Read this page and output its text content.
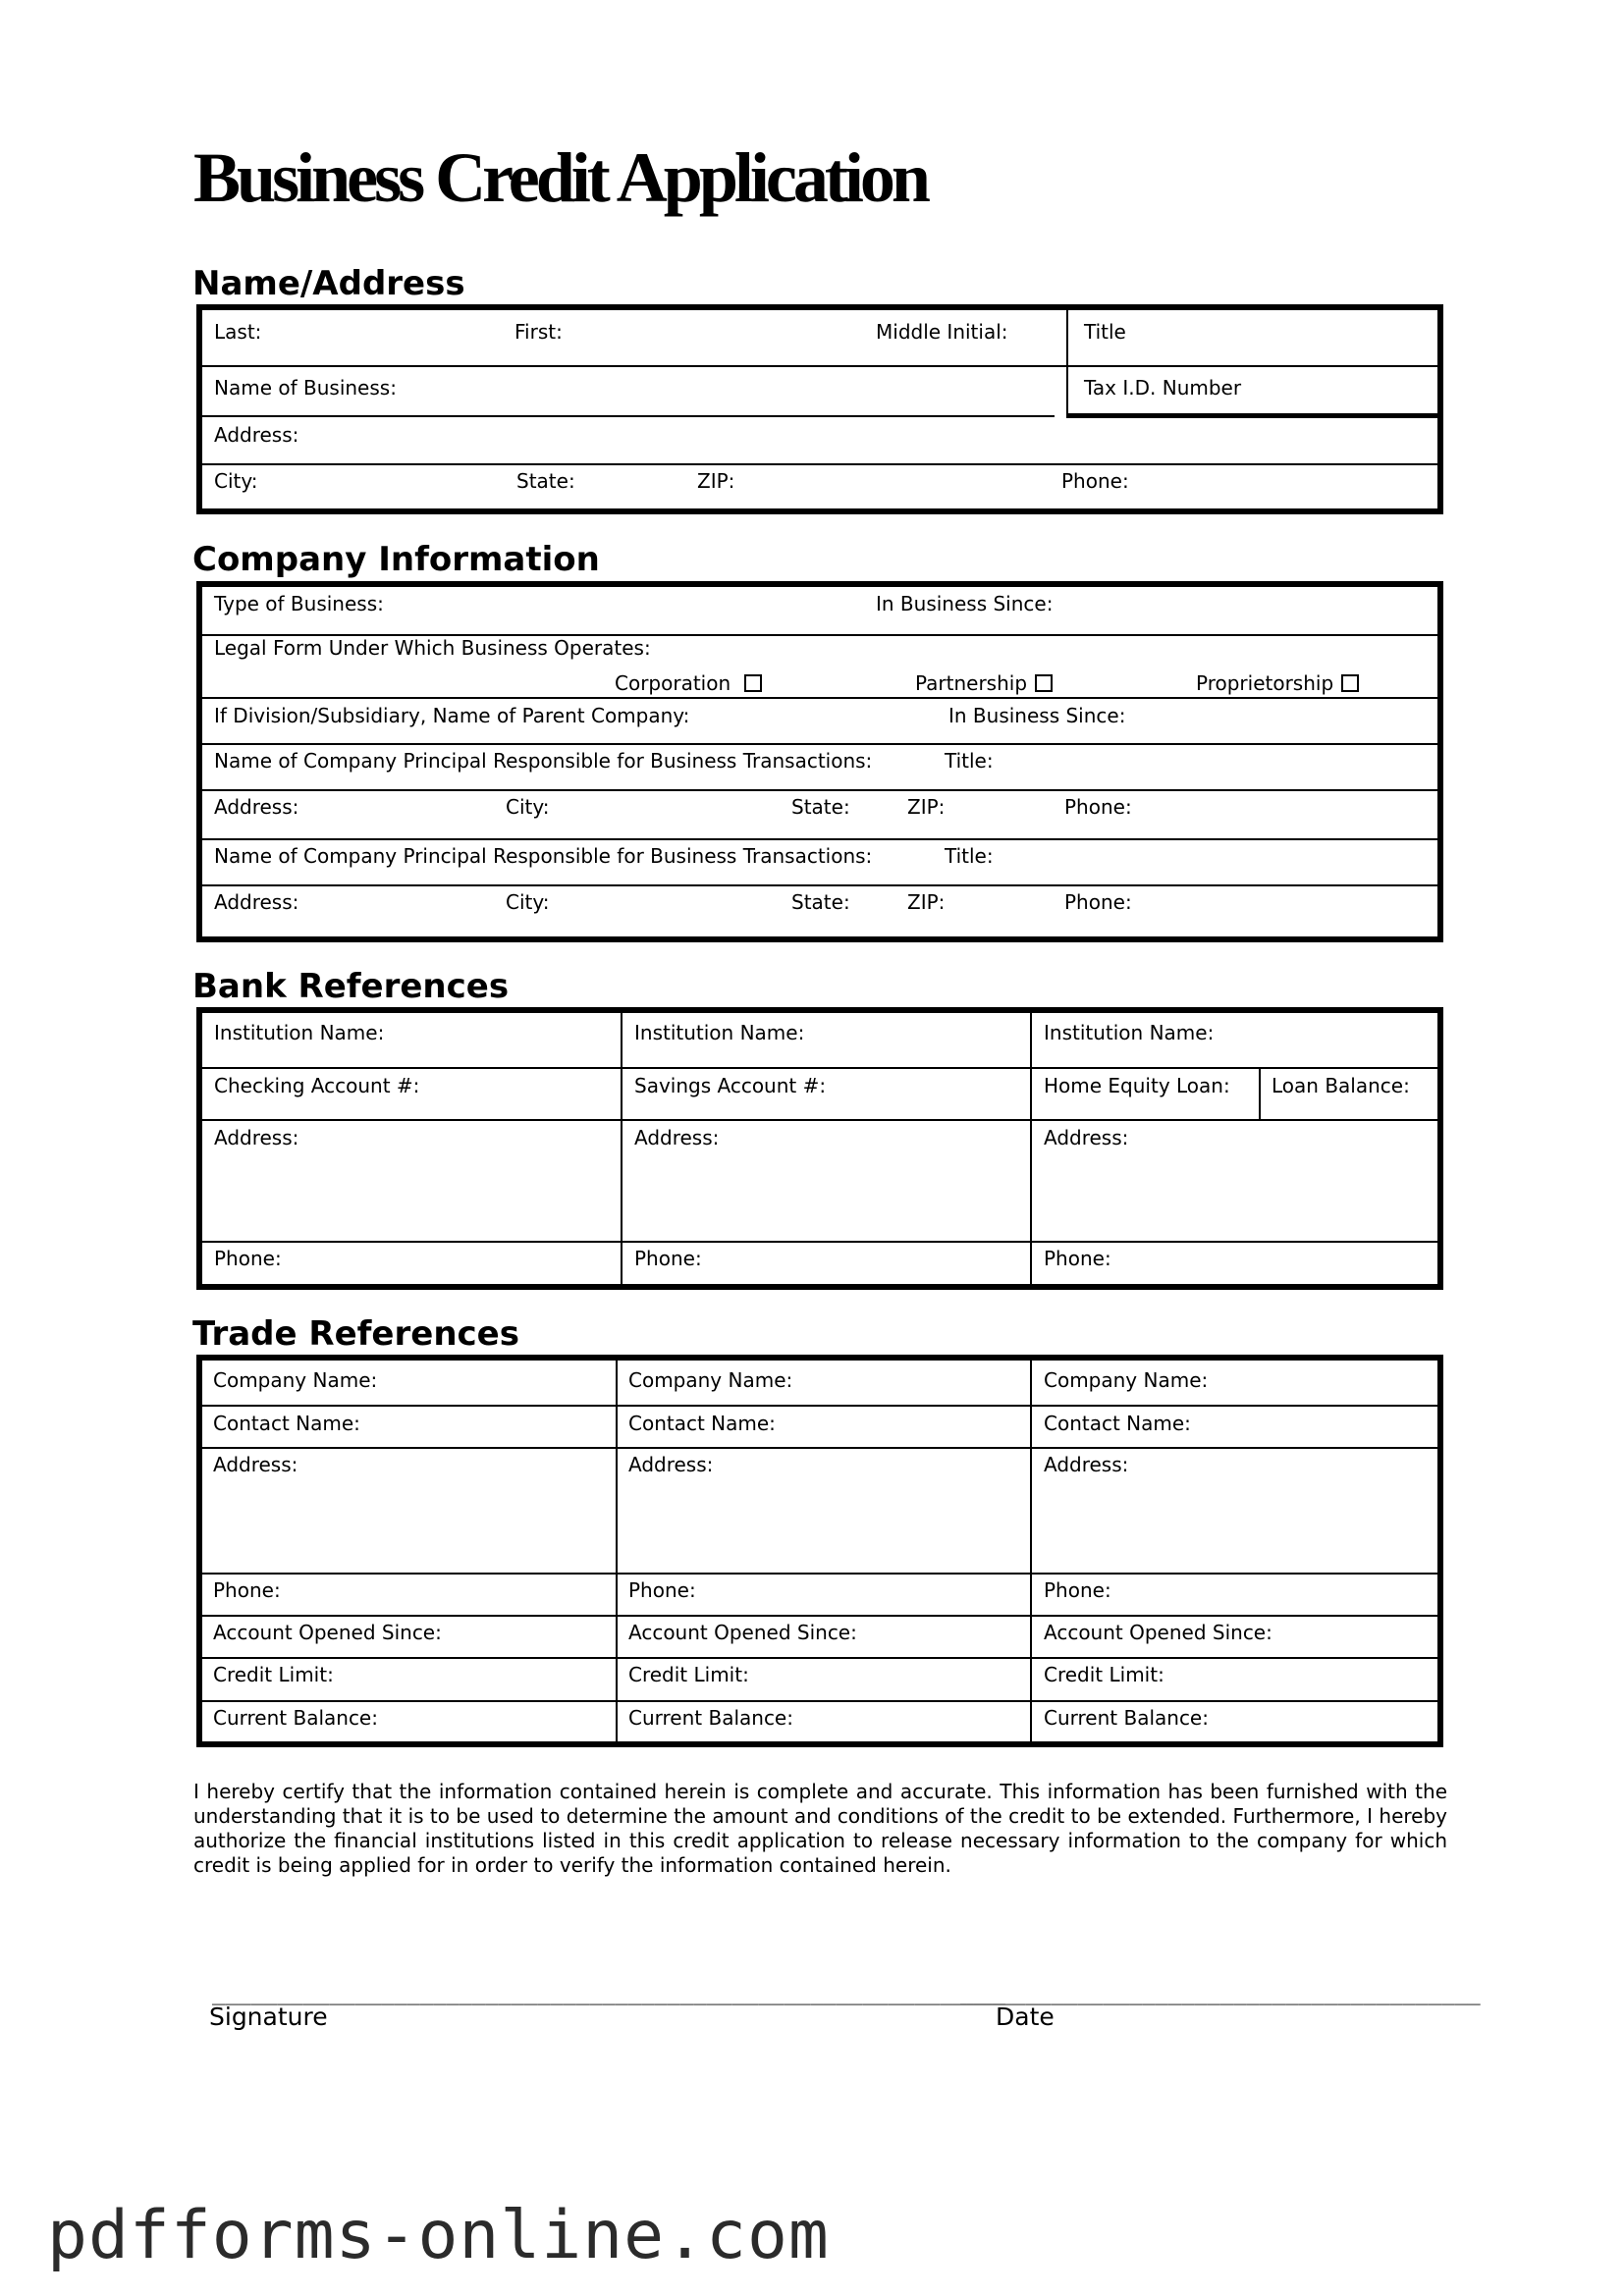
Business Credit Application
Name/Address
Last:	First:	Middle Initial:	Title
Name of Business:	Tax I.D. Number
Address:
City:	State:	ZIP:	Phone:
Company Information
Type of Business:	In Business Since:
Legal Form Under Which Business Operates:
Corporation	Partnership	Proprietorship
If Division/Subsidiary, Name of Parent Company:	In Business Since:
Name of Company Principal Responsible for Business Transactions:	Title:
Address:	City:	State:	ZIP:	Phone:
Name of Company Principal Responsible for Business Transactions:	Title:
Address:	City:	State:	ZIP:	Phone:
Bank References
Institution Name:	Institution Name:	Institution Name:
Checking Account #:	Savings Account #:	Home Equity Loan: Loan Balance:
Address:	Address:	Address:
Phone:	Phone:	Phone:
Trade References
Company Name:	Company Name:	Company Name:
Contact Name:	Contact Name:	Contact Name:
Address:	Address:	Address:
Phone:	Phone:	Phone:
Account Opened Since:	Account Opened Since:	Account Opened Since:
Credit Limit:	Credit Limit:	Credit Limit:
Current Balance:	Current Balance:	Current Balance:
I hereby certify that the information contained herein is complete and accurate. This information has been furnished with the understanding that it is to be used to determine the amount and conditions of the credit to be extended. Furthermore, I hereby authorize the financial institutions listed in this credit application to release necessary information to the company for which credit is being applied for in order to verify the information contained herein.
_____________________________________________________________
________________________________________
Signature	Date
pdfforms-online.com
